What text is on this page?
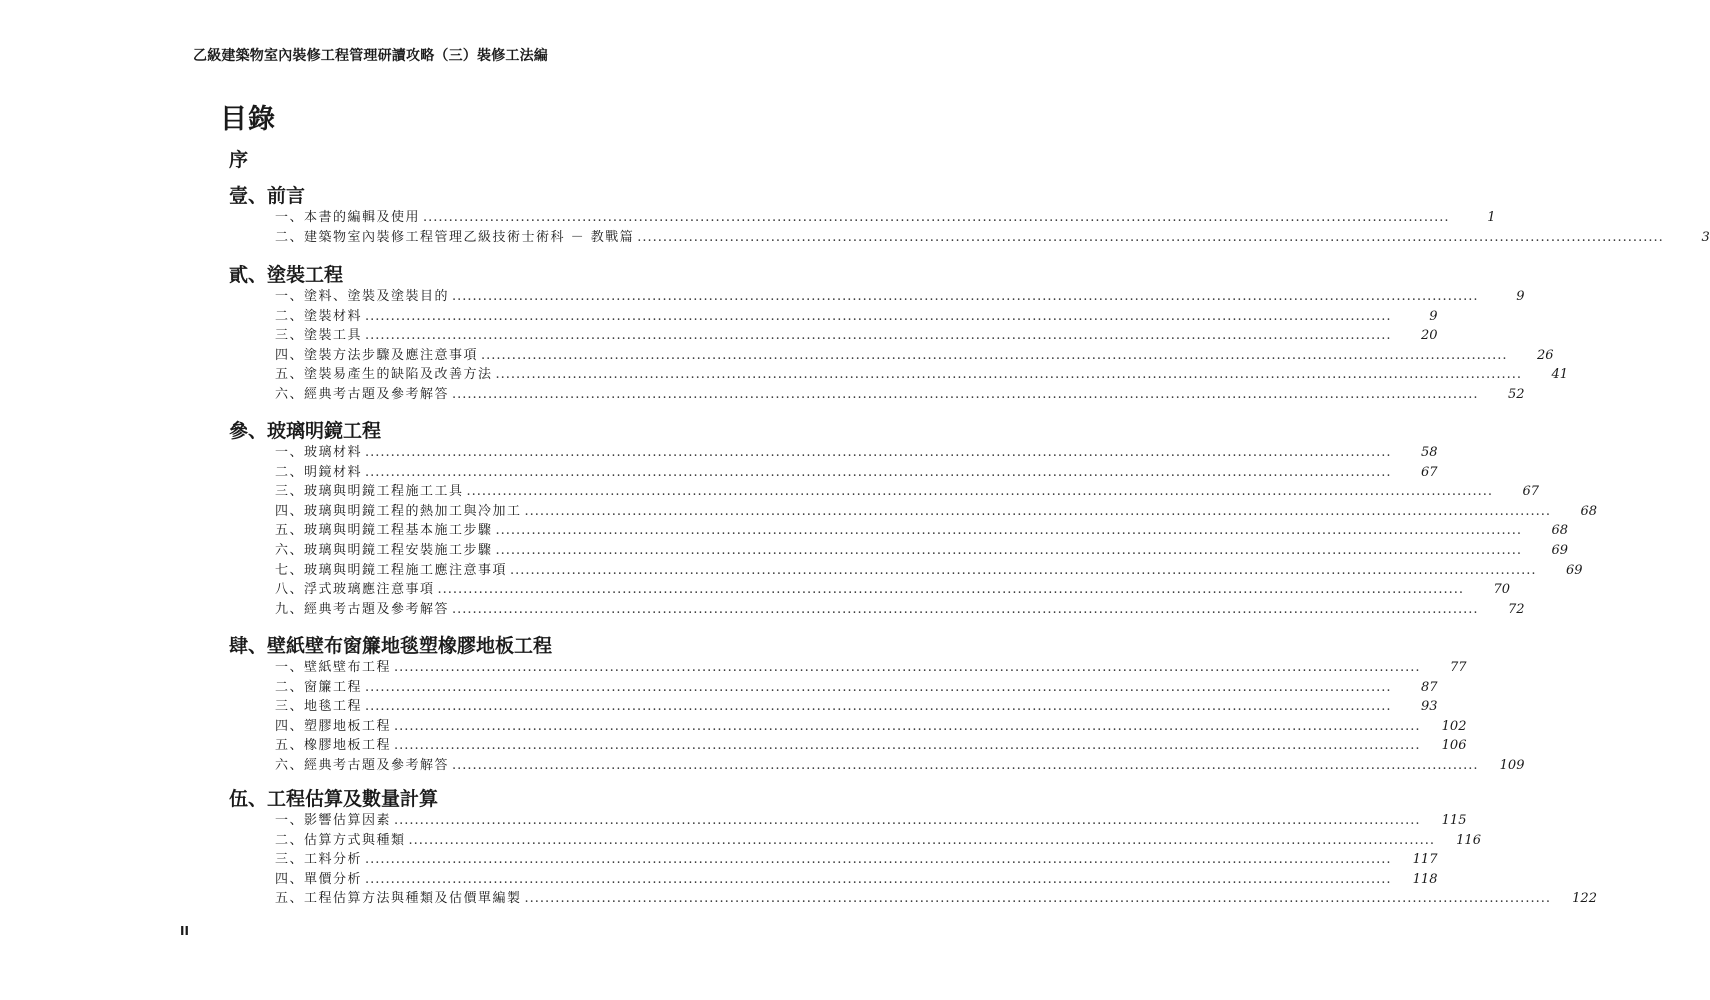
乙級建築物室內裝修工程管理研讀攻略（三）裝修工法編
目錄
序
壹、前言
一、本書的編輯及使用 ........................................................................................................................................................................................................	1
二、建築物室內裝修工程管理乙級技術士術科 － 教戰篇 ........................................................................................................................................................................................................	3
貳、塗裝工程
一、塗料、塗裝及塗裝目的 ........................................................................................................................................................................................................	9
二、塗裝材料 ........................................................................................................................................................................................................	9
三、塗裝工具 ........................................................................................................................................................................................................	20
四、塗裝方法步驟及應注意事項 ........................................................................................................................................................................................................	26
五、塗裝易產生的缺陷及改善方法 ........................................................................................................................................................................................................	41
六、經典考古題及參考解答 ........................................................................................................................................................................................................	52
參、玻璃明鏡工程
一、玻璃材料 ........................................................................................................................................................................................................	58
二、明鏡材料 ........................................................................................................................................................................................................	67
三、玻璃與明鏡工程施工工具 ........................................................................................................................................................................................................	67
四、玻璃與明鏡工程的熱加工與冷加工 ........................................................................................................................................................................................................	68
五、玻璃與明鏡工程基本施工步驟 ........................................................................................................................................................................................................	68
六、玻璃與明鏡工程安裝施工步驟 ........................................................................................................................................................................................................	69
七、玻璃與明鏡工程施工應注意事項 ........................................................................................................................................................................................................	69
八、浮式玻璃應注意事項 ........................................................................................................................................................................................................	70
九、經典考古題及參考解答 ........................................................................................................................................................................................................	72
肆、壁紙壁布窗簾地毯塑橡膠地板工程
一、壁紙壁布工程 ........................................................................................................................................................................................................	77
二、窗簾工程 ........................................................................................................................................................................................................	87
三、地毯工程 ........................................................................................................................................................................................................	93
四、塑膠地板工程 ........................................................................................................................................................................................................	102
五、橡膠地板工程 ........................................................................................................................................................................................................	106
六、經典考古題及參考解答 ........................................................................................................................................................................................................	109
伍、工程估算及數量計算
一、影響估算因素 ........................................................................................................................................................................................................	115
二、估算方式與種類 ........................................................................................................................................................................................................	116
三、工料分析 ........................................................................................................................................................................................................	117
四、單價分析 ........................................................................................................................................................................................................	118
五、工程估算方法與種類及估價單編製 ........................................................................................................................................................................................................	122
II
